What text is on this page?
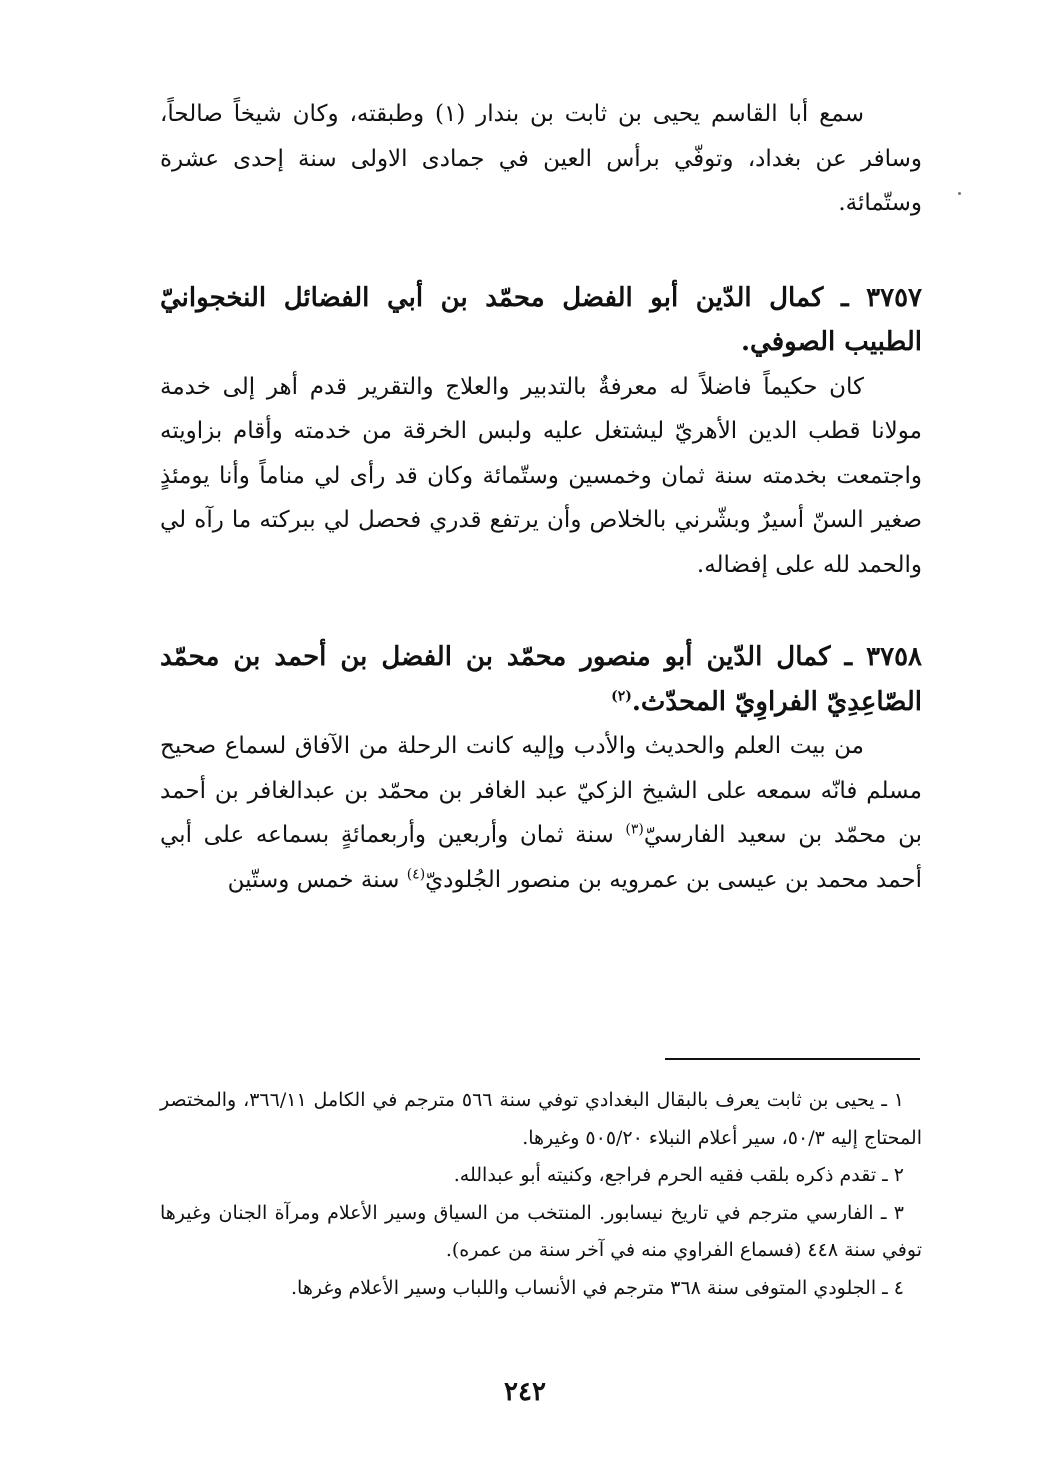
سمع أبا القاسم يحيى بن ثابت بن بندار (١) وطبقته، وكان شيخاً صالحاً، وسافر عن بغداد، وتوفّي برأس العين في جمادى الاولى سنة إحدى عشرة وستّمائة.

٣٧٥٧ ـ كمال الدّين أبو الفضل محمّد بن أبي الفضائل النخجوانيّ الطبيب الصوفي.

كان حكيماً فاضلاً له معرفةٌ بالتدبير والعلاج والتقرير قدم أهر إلى خدمة مولانا قطب الدين الأهريّ ليشتغل عليه ولبس الخرقة من خدمته وأقام بزاويته واجتمعت بخدمته سنة ثمان وخمسين وستّمائة وكان قد رأى لي مناماً وأنا يومئذٍ صغير السنّ أسيرٌ وبشّرني بالخلاص وأن يرتفع قدري فحصل لي ببركته ما رآه لي والحمد لله على إفضاله.

٣٧٥٨ ـ كمال الدّين أبو منصور محمّد بن الفضل بن أحمد بن محمّد الصّاعِدِيّ الفراوِيّ المحدّث.$^{(٢)}$

من بيت العلم والحديث والأدب وإليه كانت الرحلة من الآفاق لسماع صحيح مسلم فانّه سمعه على الشيخ الزكيّ عبد الغافر بن محمّد بن عبدالغافر بن أحمد بن محمّد بن سعيد الفارسيّ$^{(٣)}$ سنة ثمان وأربعين وأربعمائةٍ بسماعه على أبي أحمد محمد بن عيسى بن عمرويه بن منصور الجُلوديّ$^{(٤)}$ سنة خمس وستّين

١ ـ يحيى بن ثابت يعرف بالبقال البغدادي توفي سنة ٥٦٦ مترجم في الكامل ٣٦٦/١١، والمختصر المحتاج إليه ٥٠/٣، سير أعلام النبلاء ٥٠٥/٢٠ وغيرها.

٢ ـ تقدم ذكره بلقب فقيه الحرم فراجع، وكنيته أبو عبدالله.

٣ ـ الفارسي مترجم في تاريخ نيسابور. المنتخب من السياق وسير الأعلام ومرآة الجنان وغيرها توفي سنة ٤٤٨ (فسماع الفراوي منه في آخر سنة من عمره).

٤ ـ الجلودي المتوفى سنة ٣٦٨ مترجم في الأنساب واللباب وسير الأعلام وغرها.

٢٤٢
